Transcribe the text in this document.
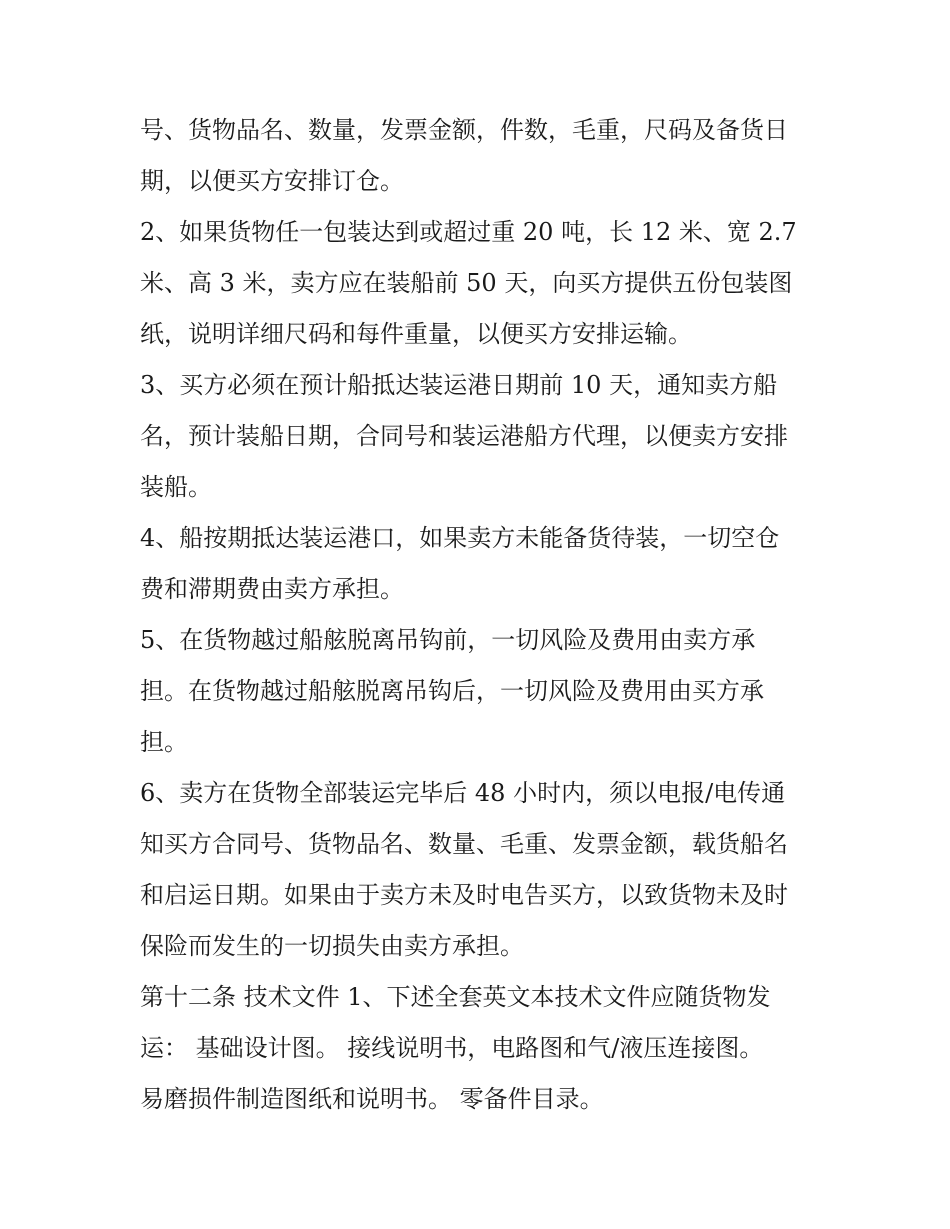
号、货物品名、数量，发票金额，件数，毛重，尺码及备货日
期，以便买方安排订仓。
2、如果货物任一包装达到或超过重 20 吨，长 12 米、宽 2.7
米、高 3 米，卖方应在装船前 50 天，向买方提供五份包装图
纸，说明详细尺码和每件重量，以便买方安排运输。
3、买方必须在预计船抵达装运港日期前 10 天，通知卖方船
名，预计装船日期，合同号和装运港船方代理，以便卖方安排
装船。
4、船按期抵达装运港口，如果卖方未能备货待装，一切空仓
费和滞期费由卖方承担。
5、在货物越过船舷脱离吊钩前，一切风险及费用由卖方承
担。在货物越过船舷脱离吊钩后，一切风险及费用由买方承
担。
6、卖方在货物全部装运完毕后 48 小时内，须以电报/电传通
知买方合同号、货物品名、数量、毛重、发票金额，载货船名
和启运日期。如果由于卖方未及时电告买方，以致货物未及时
保险而发生的一切损失由卖方承担。
第十二条 技术文件 1、下述全套英文本技术文件应随货物发
运： 基础设计图。 接线说明书，电路图和气/液压连接图。
易磨损件制造图纸和说明书。 零备件目录。
